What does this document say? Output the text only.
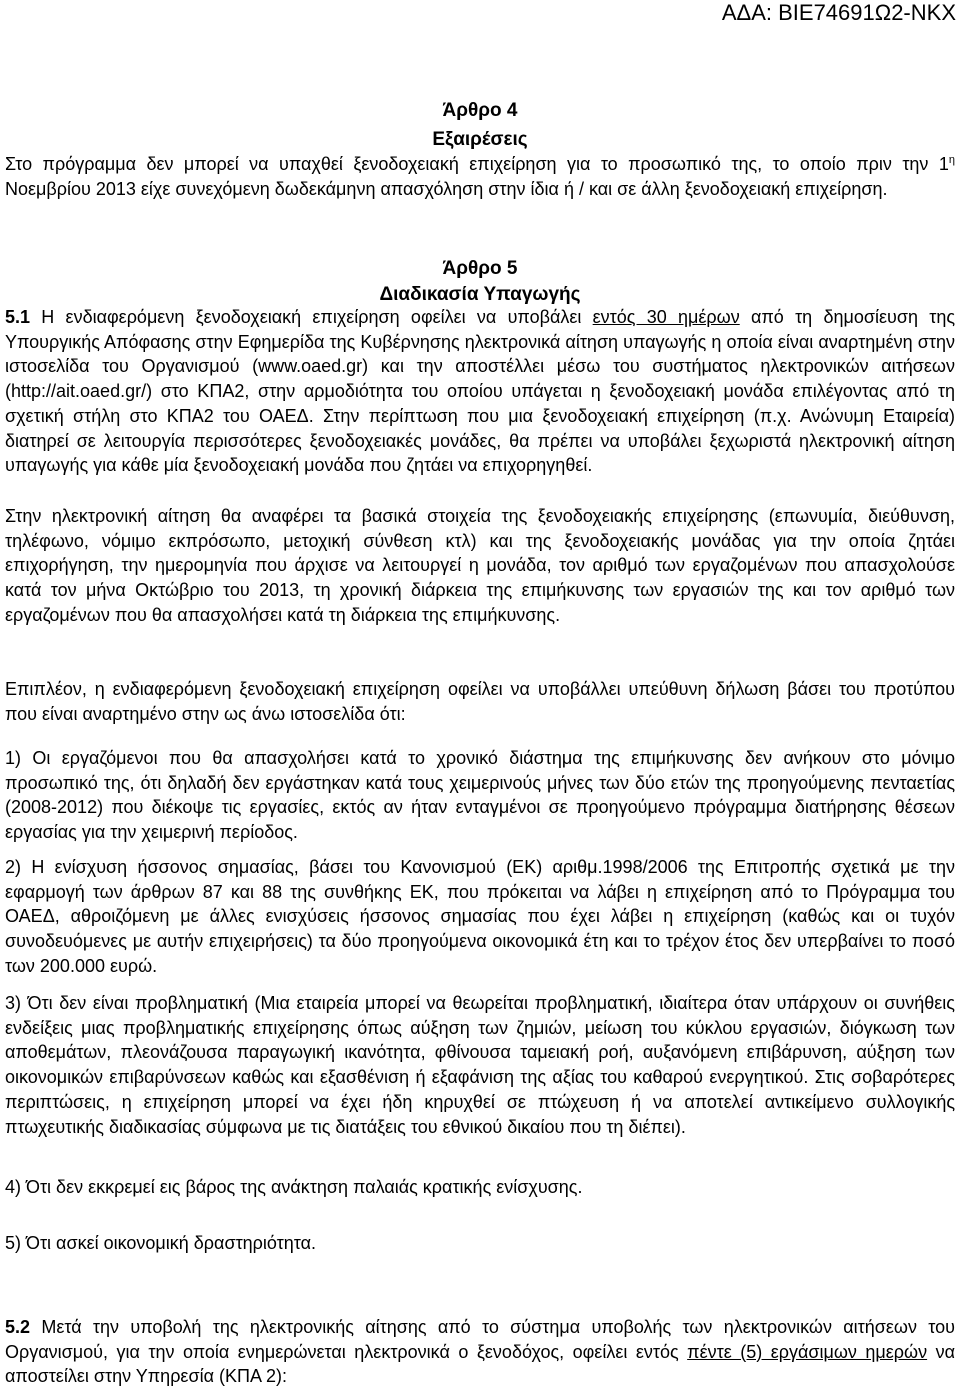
ΑΔΑ: ΒΙΕ74691Ω2-ΝΚΧ
Άρθρο 4
Εξαιρέσεις
Στο πρόγραμμα δεν μπορεί να υπαχθεί ξενοδοχειακή επιχείρηση για το προσωπικό της, το οποίο πριν την $1^\eta$ Νοεμβρίου 2013 είχε συνεχόμενη δωδεκάμηνη απασχόληση στην ίδια ή / και σε άλλη ξενοδοχειακή επιχείρηση.
Άρθρο 5
Διαδικασία Υπαγωγής
5.1 Η ενδιαφερόμενη ξενοδοχειακή επιχείρηση οφείλει να υποβάλει εντός 30 ημέρων από τη δημοσίευση της Υπουργικής Απόφασης στην Εφημερίδα της Κυβέρνησης ηλεκτρονικά αίτηση υπαγωγής η οποία είναι αναρτημένη στην ιστοσελίδα του Οργανισμού (www.oaed.gr) και την αποστέλλει μέσω του συστήματος ηλεκτρονικών αιτήσεων (http://ait.oaed.gr/) στο ΚΠΑ2, στην αρμοδιότητα του οποίου υπάγεται η ξενοδοχειακή μονάδα επιλέγοντας από τη σχετική στήλη στο ΚΠΑ2 του ΟΑΕΔ. Στην περίπτωση που μια ξενοδοχειακή επιχείρηση (π.χ. Ανώνυμη Εταιρεία) διατηρεί σε λειτουργία περισσότερες ξενοδοχειακές μονάδες, θα πρέπει να υποβάλει ξεχωριστά ηλεκτρονική αίτηση υπαγωγής για κάθε μία ξενοδοχειακή μονάδα που ζητάει να επιχορηγηθεί.
Στην ηλεκτρονική αίτηση θα αναφέρει τα βασικά στοιχεία της ξενοδοχειακής επιχείρησης (επωνυμία, διεύθυνση, τηλέφωνο, νόμιμο εκπρόσωπο, μετοχική σύνθεση κτλ) και της ξενοδοχειακής μονάδας για την οποία ζητάει επιχορήγηση, την ημερομηνία που άρχισε να λειτουργεί η μονάδα, τον αριθμό των εργαζομένων που απασχολούσε κατά τον μήνα Οκτώβριο του 2013, τη χρονική διάρκεια της επιμήκυνσης των εργασιών της και τον αριθμό των εργαζομένων που θα απασχολήσει κατά τη διάρκεια της επιμήκυνσης.
Επιπλέον, η ενδιαφερόμενη ξενοδοχειακή επιχείρηση οφείλει να υποβάλλει υπεύθυνη δήλωση βάσει του προτύπου που είναι αναρτημένο στην ως άνω ιστοσελίδα ότι:
1) Οι εργαζόμενοι που θα απασχολήσει κατά το χρονικό διάστημα της επιμήκυνσης δεν ανήκουν στο μόνιμο προσωπικό της, ότι δηλαδή δεν εργάστηκαν κατά τους χειμερινούς μήνες των δύο ετών της προηγούμενης πενταετίας (2008-2012) που διέκοψε τις εργασίες, εκτός αν ήταν ενταγμένοι σε προηγούμενο πρόγραμμα διατήρησης θέσεων εργασίας για την χειμερινή περίοδος.
2) Η ενίσχυση ήσσονος σημασίας, βάσει του Κανονισμού (ΕΚ) αριθμ.1998/2006 της Επιτροπής σχετικά με την εφαρμογή των άρθρων 87 και 88 της συνθήκης ΕΚ, που πρόκειται να λάβει η επιχείρηση από το Πρόγραμμα του ΟΑΕΔ, αθροιζόμενη με άλλες ενισχύσεις ήσσονος σημασίας που έχει λάβει η επιχείρηση (καθώς και οι τυχόν συνοδευόμενες με αυτήν επιχειρήσεις) τα δύο προηγούμενα οικονομικά έτη και το τρέχον έτος δεν υπερβαίνει το ποσό των 200.000 ευρώ.
3) Ότι δεν είναι προβληματική (Μια εταιρεία μπορεί να θεωρείται προβληματική, ιδιαίτερα όταν υπάρχουν οι συνήθεις ενδείξεις μιας προβληματικής επιχείρησης όπως αύξηση των ζημιών, μείωση του κύκλου εργασιών, διόγκωση των αποθεμάτων, πλεονάζουσα παραγωγική ικανότητα, φθίνουσα ταμειακή ροή, αυξανόμενη επιβάρυνση, αύξηση των οικονομικών επιβαρύνσεων καθώς και εξασθένιση ή εξαφάνιση της αξίας του καθαρού ενεργητικού. Στις σοβαρότερες περιπτώσεις, η επιχείρηση μπορεί να έχει ήδη κηρυχθεί σε πτώχευση ή να αποτελεί αντικείμενο συλλογικής πτωχευτικής διαδικασίας σύμφωνα με τις διατάξεις του εθνικού δικαίου που τη διέπει).
4) Ότι δεν εκκρεμεί εις βάρος της ανάκτηση παλαιάς κρατικής ενίσχυσης.
5) Ότι ασκεί οικονομική δραστηριότητα.
5.2 Μετά την υποβολή της ηλεκτρονικής αίτησης από το σύστημα υποβολής των ηλεκτρονικών αιτήσεων του Οργανισμού, για την οποία ενημερώνεται ηλεκτρονικά ο ξενοδόχος, οφείλει εντός πέντε (5) εργάσιμων ημερών να αποστείλει στην Υπηρεσία (ΚΠΑ 2):
